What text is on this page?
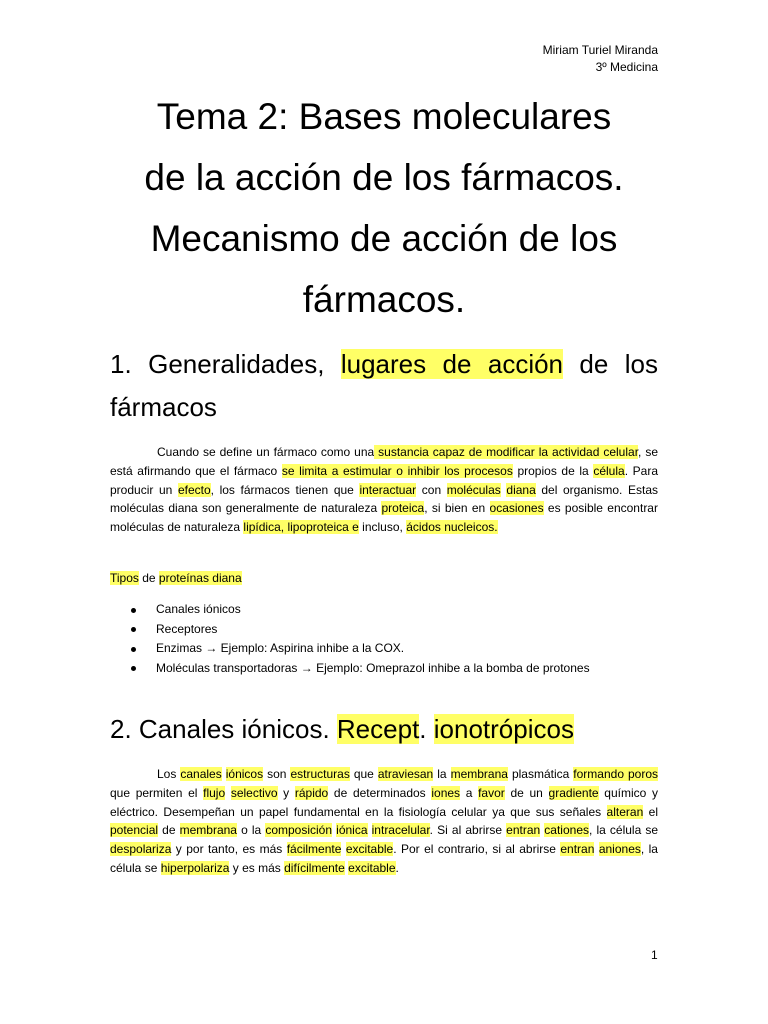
Miriam Turiel Miranda
3º Medicina
Tema 2: Bases moleculares
de la acción de los fármacos.
Mecanismo de acción de los
fármacos.
1. Generalidades, lugares de acción de los fármacos

Cuando se define un fármaco como una sustancia capaz de modificar la actividad celular, se está afirmando que el fármaco se limita a estimular o inhibir los procesos propios de la célula. Para producir un efecto, los fármacos tienen que interactuar con moléculas diana del organismo. Estas moléculas diana son generalmente de naturaleza proteica, si bien en ocasiones es posible encontrar moléculas de naturaleza lipídica, lipoproteica e incluso, ácidos nucleicos.

Tipos de proteínas diana

Canales iónicos
Receptores
Enzimas → Ejemplo: Aspirina inhibe a la COX.
Moléculas transportadoras → Ejemplo: Omeprazol inhibe a la bomba de protones
2. Canales iónicos. Recept. ionotrópicos

Los canales iónicos son estructuras que atraviesan la membrana plasmática formando poros que permiten el flujo selectivo y rápido de determinados iones a favor de un gradiente químico y eléctrico. Desempeñan un papel fundamental en la fisiología celular ya que sus señales alteran el potencial de membrana o la composición iónica intracelular. Si al abrirse entran cationes, la célula se despolariza y por tanto, es más fácilmente excitable. Por el contrario, si al abrirse entran aniones, la célula se hiperpolariza y es más difícilmente excitable.

1
